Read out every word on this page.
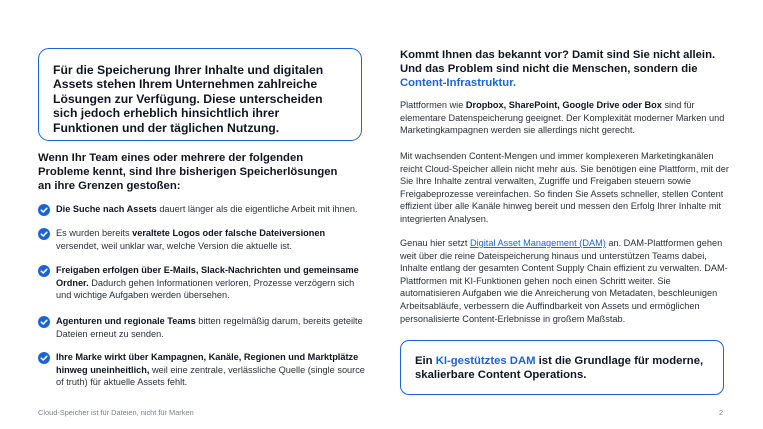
Für die Speicherung Ihrer Inhalte und digitalen Assets stehen Ihrem Unternehmen zahlreiche Lösungen zur Verfügung. Diese unterscheiden sich jedoch erheblich hinsichtlich ihrer Funktionen und der täglichen Nutzung.
Wenn Ihr Team eines oder mehrere der folgenden Probleme kennt, sind Ihre bisherigen Speicherlösungen an ihre Grenzen gestoßen:
Die Suche nach Assets dauert länger als die eigentliche Arbeit mit ihnen.
Es wurden bereits veraltete Logos oder falsche Dateiversionen versendet, weil unklar war, welche Version die aktuelle ist.
Freigaben erfolgen über E-Mails, Slack-Nachrichten und gemeinsame Ordner. Dadurch gehen Informationen verloren, Prozesse verzögern sich und wichtige Aufgaben werden übersehen.
Agenturen und regionale Teams bitten regelmäßig darum, bereits geteilte Dateien erneut zu senden.
Ihre Marke wirkt über Kampagnen, Kanäle, Regionen und Marktplätze hinweg uneinheitlich, weil eine zentrale, verlässliche Quelle (single source of truth) für aktuelle Assets fehlt.
Kommt Ihnen das bekannt vor? Damit sind Sie nicht allein. Und das Problem sind nicht die Menschen, sondern die Content-Infrastruktur.

Plattformen wie Dropbox, SharePoint, Google Drive oder Box sind für elementare Datenspeicherung geeignet. Der Komplexität moderner Marken und Marketingkampagnen werden sie allerdings nicht gerecht.

Mit wachsenden Content-Mengen und immer komplexeren Marketingkanälen reicht Cloud-Speicher allein nicht mehr aus. Sie benötigen eine Plattform, mit der Sie Ihre Inhalte zentral verwalten, Zugriffe und Freigaben steuern sowie Freigabeprozesse vereinfachen. So finden Sie Assets schneller, stellen Content effizient über alle Kanäle hinweg bereit und messen den Erfolg Ihrer Inhalte mit integrierten Analysen.

Genau hier setzt Digital Asset Management (DAM) an. DAM-Plattformen gehen weit über die reine Dateispeicherung hinaus und unterstützen Teams dabei, Inhalte entlang der gesamten Content Supply Chain effizient zu verwalten. DAM-Plattformen mit KI-Funktionen gehen noch einen Schritt weiter. Sie automatisieren Aufgaben wie die Anreicherung von Metadaten, beschleunigen Arbeitsabläufe, verbessern die Auffindbarkeit von Assets und ermöglichen personalisierte Content-Erlebnisse in großem Maßstab.

Ein KI-gestütztes DAM ist die Grundlage für moderne, skalierbare Content Operations.
Cloud-Speicher ist für Dateien, nicht für Marken	2
